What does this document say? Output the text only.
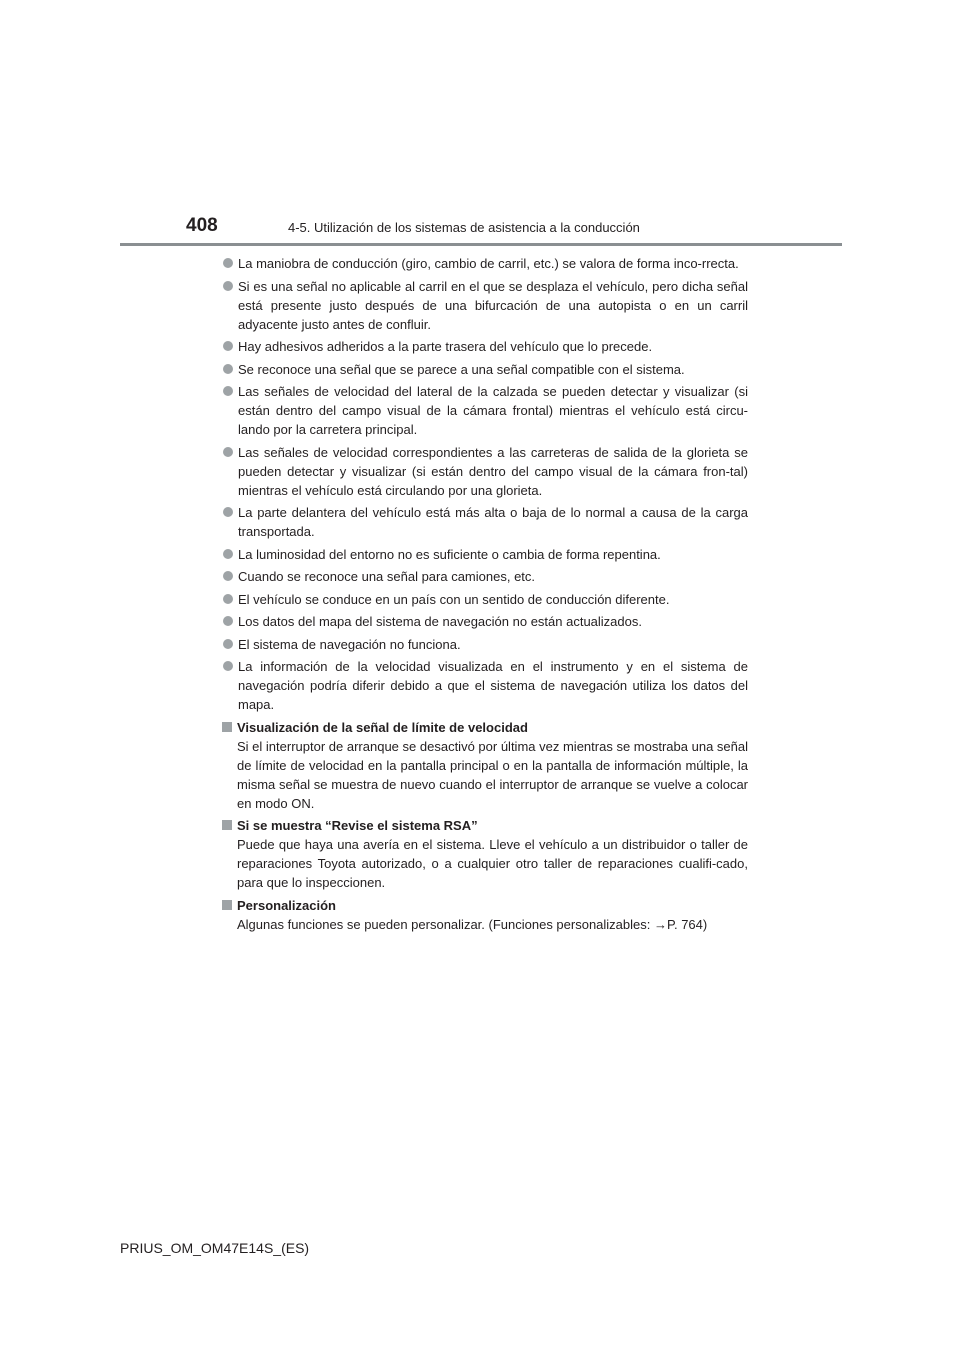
408	4-5. Utilización de los sistemas de asistencia a la conducción
La maniobra de conducción (giro, cambio de carril, etc.) se valora de forma inco-rrecta.
Si es una señal no aplicable al carril en el que se desplaza el vehículo, pero dicha señal está presente justo después de una bifurcación de una autopista o en un carril adyacente justo antes de confluir.
Hay adhesivos adheridos a la parte trasera del vehículo que lo precede.
Se reconoce una señal que se parece a una señal compatible con el sistema.
Las señales de velocidad del lateral de la calzada se pueden detectar y visualizar (si están dentro del campo visual de la cámara frontal) mientras el vehículo está circu-lando por la carretera principal.
Las señales de velocidad correspondientes a las carreteras de salida de la glorieta se pueden detectar y visualizar (si están dentro del campo visual de la cámara fron-tal) mientras el vehículo está circulando por una glorieta.
La parte delantera del vehículo está más alta o baja de lo normal a causa de la carga transportada.
La luminosidad del entorno no es suficiente o cambia de forma repentina.
Cuando se reconoce una señal para camiones, etc.
El vehículo se conduce en un país con un sentido de conducción diferente.
Los datos del mapa del sistema de navegación no están actualizados.
El sistema de navegación no funciona.
La información de la velocidad visualizada en el instrumento y en el sistema de navegación podría diferir debido a que el sistema de navegación utiliza los datos del mapa.
Visualización de la señal de límite de velocidad

Si el interruptor de arranque se desactivó por última vez mientras se mostraba una señal de límite de velocidad en la pantalla principal o en la pantalla de información múltiple, la misma señal se muestra de nuevo cuando el interruptor de arranque se vuelve a colocar en modo ON.

Si se muestra “Revise el sistema RSA”

Puede que haya una avería en el sistema. Lleve el vehículo a un distribuidor o taller de reparaciones Toyota autorizado, o a cualquier otro taller de reparaciones cualifi-cado, para que lo inspeccionen.

Personalización

Algunas funciones se pueden personalizar. (Funciones personalizables: →P. 764)

PRIUS_OM_OM47E14S_(ES)
